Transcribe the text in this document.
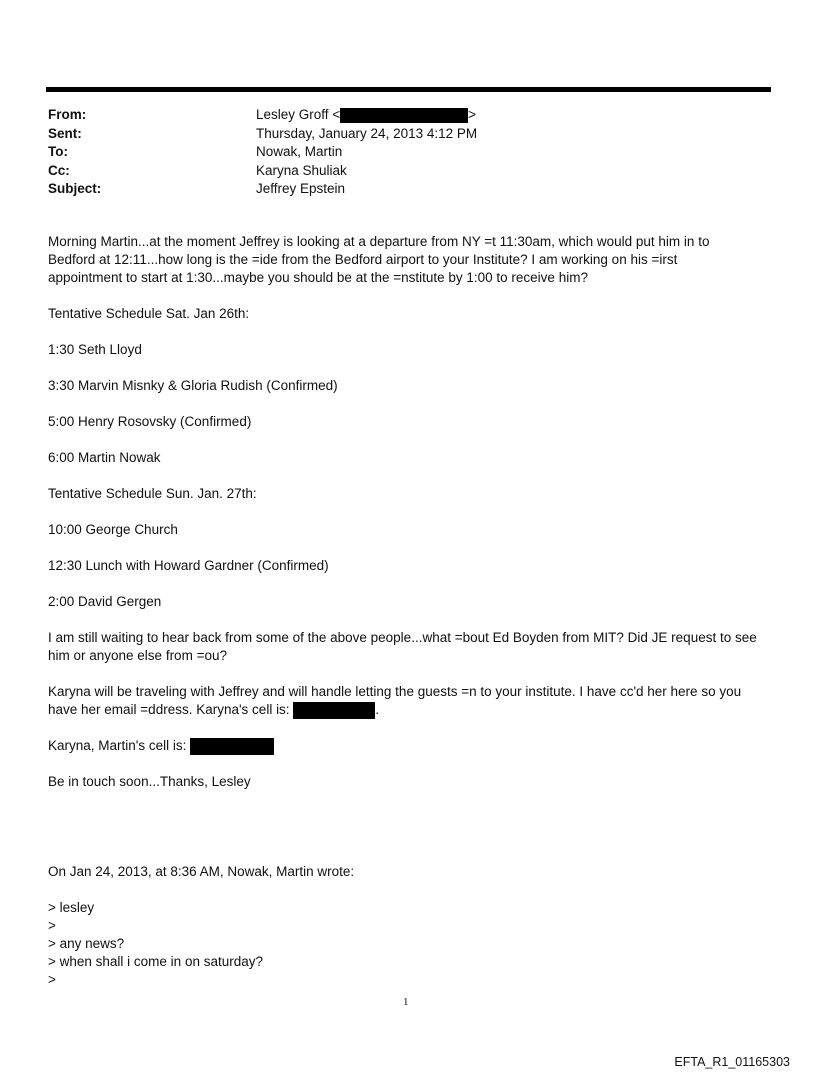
From:	Lesley Groff <	>
Sent:	Thursday, January 24, 2013 4:12 PM
To:	Nowak, Martin
Cc:	Karyna Shuliak
Subject:	Jeffrey Epstein
Morning Martin...at the moment Jeffrey is looking at a departure from NY =t 11:30am, which would put him in to
Bedford at 12:11...how long is the =ide from the Bedford airport to your Institute? I am working on his =irst
appointment to start at 1:30...maybe you should be at the =nstitute by 1:00 to receive him?
Tentative Schedule Sat. Jan 26th:
1:30 Seth Lloyd
3:30 Marvin Misnky & Gloria Rudish (Confirmed)
5:00 Henry Rosovsky (Confirmed)
6:00 Martin Nowak
Tentative Schedule Sun. Jan. 27th:
10:00 George Church
12:30 Lunch with Howard Gardner (Confirmed)
2:00 David Gergen
I am still waiting to hear back from some of the above people...what =bout Ed Boyden from MIT? Did JE request to see
him or anyone else from =ou?
Karyna will be traveling with Jeffrey and will handle letting the guests =n to your institute. I have cc'd her here so you
have her email =ddress. Karyna's cell is:	.
Karyna, Martin's cell is:
Be in touch soon...Thanks, Lesley
On Jan 24, 2013, at 8:36 AM, Nowak, Martin wrote:
> lesley
>
> any news?
> when shall i come in on saturday?
>
1
EFTA_R1_01165303
